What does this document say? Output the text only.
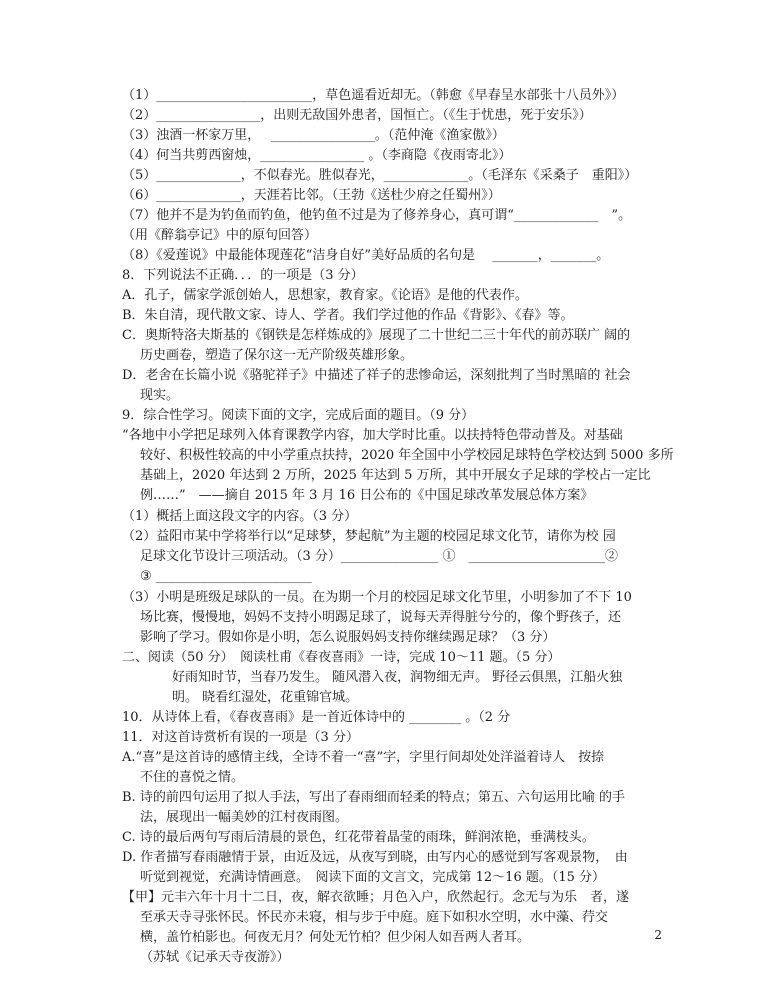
（1）________________________，草色遥看近却无。（韩愈《早春呈水部张十八员外》）
（2）________________，出则无敌国外患者，国恒亡。（《生于忧患，死于安乐》）
（3）浊酒一杯家万里，　 ________________。（范仲淹《渔家傲》）
（4）何当共剪西窗烛，________________ 。（李商隐《夜雨寄北》）
（5）_____________，不似春光。胜似春光，_____________。（毛泽东《采桑子　重阳》）
（6）_____________，天涯若比邻。（王勃《送杜少府之任蜀州》）
（7）他并不是为钓鱼而钓鱼，他钓鱼不过是为了修养身心，真可谓“_____________　”。
（用《醉翁亭记》中的原句回答）
（8）《爱莲说》中最能体现莲花“洁身自好”美好品质的名句是　 _______，_______。
8．下列说法不正确．．．的一项是（3 分）
A．孔子，儒家学派创始人，思想家，教育家。《论语》是他的代表作。
B．朱自清，现代散文家、诗人、学者。我们学过他的作品《背影》、《春》等。
C．奥斯特洛夫斯基的《钢铁是怎样炼成的》展现了二十世纪二三十年代的前苏联广 阔的
历史画卷，塑造了保尔这一无产阶级英雄形象。
D．老舍在长篇小说《骆驼祥子》中描述了祥子的悲惨命运，深刻批判了当时黑暗的 社会
现实。
9．综合性学习。阅读下面的文字，完成后面的题目。（9 分）
“各地中小学把足球列入体育课教学内容，加大学时比重。以扶持特色带动普及。对基础
较好、积极性较高的中小学重点扶持，2020 年全国中小学校园足球特色学校达到 5000 多所
基础上，2020 年达到 2 万所，2025 年达到 5 万所，其中开展女子足球的学校占一定比
例……”　——摘自 2015 年 3 月 16 日公布的《中国足球改革发展总体方案》
（1）概括上面这段文字的内容。（3 分）
（2）益阳市某中学将举行以“足球梦，梦起航”为主题的校园足球文化节，请你为校 园
足球文化节设计三项活动。（3 分）_______________ ①　_____________________②
③ ________________________
（3）小明是班级足球队的一员。在为期一个月的校园足球文化节里，小明参加了不下 10
场比赛，慢慢地，妈妈不支持小明踢足球了，说每天弄得脏兮兮的，像个野孩子，还
影响了学习。假如你是小明，怎么说服妈妈支持你继续踢足球？（3 分）
二、阅读（50 分）　阅读杜甫《春夜喜雨》一诗，完成 10～11 题。（5 分）
好雨知时节，当春乃发生。 随风潜入夜，润物细无声。 野径云俱黑，江船火独
明。 晓看红湿处，花重锦官城。
10．从诗体上看，《春夜喜雨》是一首近体诗中的 ________ 。（2 分
11．对这首诗赏析有误的一项是（3 分）
A.“喜”是这首诗的感情主线，全诗不着一“喜”字，字里行间却处处洋溢着诗人　按捺
不住的喜悦之情。
B. 诗的前四句运用了拟人手法，写出了春雨细而轻柔的特点；第五、六句运用比喻 的手
法，展现出一幅美妙的江村夜雨图。
C. 诗的最后两句写雨后清晨的景色，红花带着晶莹的雨珠，鲜润浓艳，垂满枝头。
D. 作者描写春雨融情于景，由近及远，从夜写到晓，由写内心的感觉到写客观景物，　由
听觉到视觉，充满诗情画意。　阅读下面的文言文，完成第 12～16 题。（15 分）
【甲】元丰六年十月十二日，夜，解衣欲睡；月色入户，欣然起行。念无与为乐　者，遂
至承天寺寻张怀民。怀民亦未寝，相与步于中庭。庭下如积水空明，水中藻、荇交
横，盖竹柏影也。何夜无月？何处无竹柏？但少闲人如吾两人者耳。
（苏轼《记承天寺夜游》）
2
